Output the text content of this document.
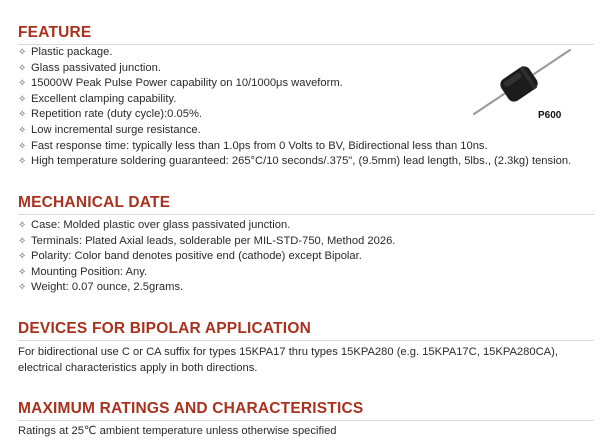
FEATURE
✧ Plastic package.
✧ Glass passivated junction.
✧ 15000W Peak Pulse Power capability on 10/1000μs waveform.
✧ Excellent clamping capability.
✧ Repetition rate (duty cycle):0.05%.
✧ Low incremental surge resistance.
✧ Fast response time: typically less than 1.0ps from 0 Volts to BV, Bidirectional less than 10ns.
✧ High temperature soldering guaranteed: 265°C/10 seconds/.375", (9.5mm) lead length, 5lbs., (2.3kg) tension.
P600
MECHANICAL DATE
✧ Case: Molded plastic over glass passivated junction.
✧ Terminals: Plated Axial leads, solderable per MIL-STD-750, Method 2026.
✧ Polarity: Color band denotes positive end (cathode) except Bipolar.
✧ Mounting Position: Any.
✧ Weight: 0.07 ounce, 2.5grams.
DEVICES FOR BIPOLAR APPLICATION
For bidirectional use C or CA suffix for types 15KPA17 thru types 15KPA280 (e.g. 15KPA17C, 15KPA280CA), electrical characteristics apply in both directions.
MAXIMUM RATINGS AND CHARACTERISTICS
Ratings at 25℃ ambient temperature unless otherwise specified
